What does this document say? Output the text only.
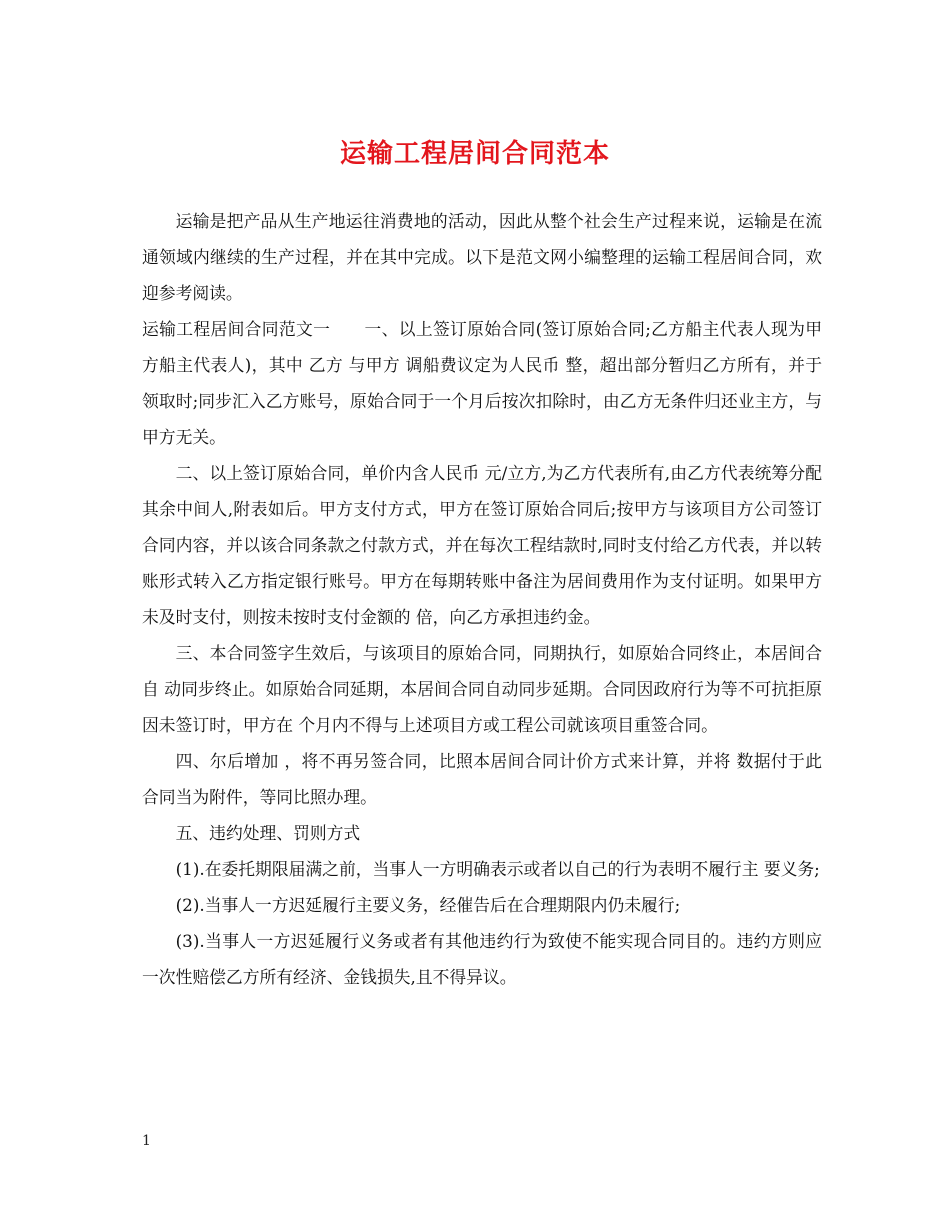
运输工程居间合同范本

运输是把产品从生产地运往消费地的活动，因此从整个社会生产过程来说，运输是在流通领域内继续的生产过程，并在其中完成。以下是范文网小编整理的运输工程居间合同，欢迎参考阅读。

运输工程居间合同范文一　　一、以上签订原始合同(签订原始合同;乙方船主代表人现为甲方船主代表人)，其中 乙方 与甲方 调船费议定为人民币 整，超出部分暂归乙方所有，并于领取时;同步汇入乙方账号，原始合同于一个月后按次扣除时，由乙方无条件归还业主方，与甲方无关。

二、以上签订原始合同，单价内含人民币 元/立方,为乙方代表所有,由乙方代表统筹分配其余中间人,附表如后。甲方支付方式，甲方在签订原始合同后;按甲方与该项目方公司签订合同内容，并以该合同条款之付款方式，并在每次工程结款时,同时支付给乙方代表，并以转账形式转入乙方指定银行账号。甲方在每期转账中备注为居间费用作为支付证明。如果甲方未及时支付，则按未按时支付金额的 倍，向乙方承担违约金。

三、本合同签字生效后，与该项目的原始合同，同期执行，如原始合同终止，本居间合自 动同步终止。如原始合同延期，本居间合同自动同步延期。合同因政府行为等不可抗拒原因未签订时，甲方在 个月内不得与上述项目方或工程公司就该项目重签合同。

四、尔后增加 ，将不再另签合同，比照本居间合同计价方式来计算，并将 数据付于此 合同当为附件，等同比照办理。

五、违约处理、罚则方式

(1).在委托期限届满之前，当事人一方明确表示或者以自己的行为表明不履行主 要义务;

(2).当事人一方迟延履行主要义务，经催告后在合理期限内仍未履行;

(3).当事人一方迟延履行义务或者有其他违约行为致使不能实现合同目的。违约方则应一次性赔偿乙方所有经济、金钱损失,且不得异议。

1
